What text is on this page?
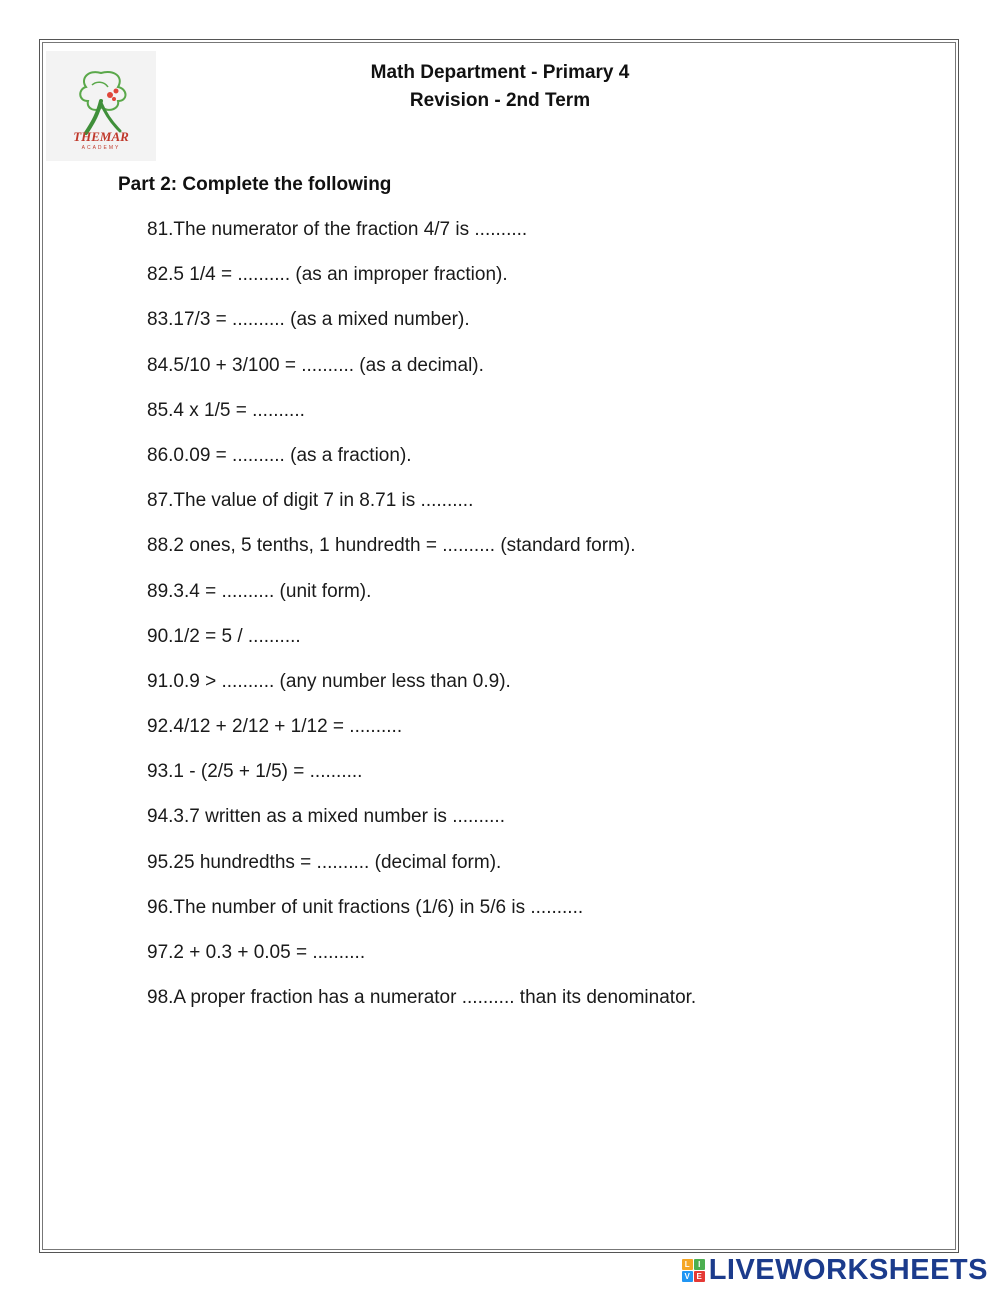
THEMAR
ACADEMY
Math Department - Primary 4
Revision - 2nd Term
Part 2: Complete the following
81.The numerator of the fraction 4/7 is ..........
82.5 1/4 = .......... (as an improper fraction).
83.17/3 = .......... (as a mixed number).
84.5/10 + 3/100 = .......... (as a decimal).
85.4 x 1/5 = ..........
86.0.09 = .......... (as a fraction).
87.The value of digit 7 in 8.71 is ..........
88.2 ones, 5 tenths, 1 hundredth = .......... (standard form).
89.3.4 = .......... (unit form).
90.1/2 = 5 / ..........
91.0.9 > .......... (any number less than 0.9).
92.4/12 + 2/12 + 1/12 = ..........
93.1 - (2/5 + 1/5) = ..........
94.3.7 written as a mixed number is ..........
95.25 hundredths = .......... (decimal form).
96.The number of unit fractions (1/6) in 5/6 is ..........
97.2 + 0.3 + 0.05 = ..........
98.A proper fraction has a numerator .......... than its denominator.
L	I
V E LIVEWORKSHEETS
